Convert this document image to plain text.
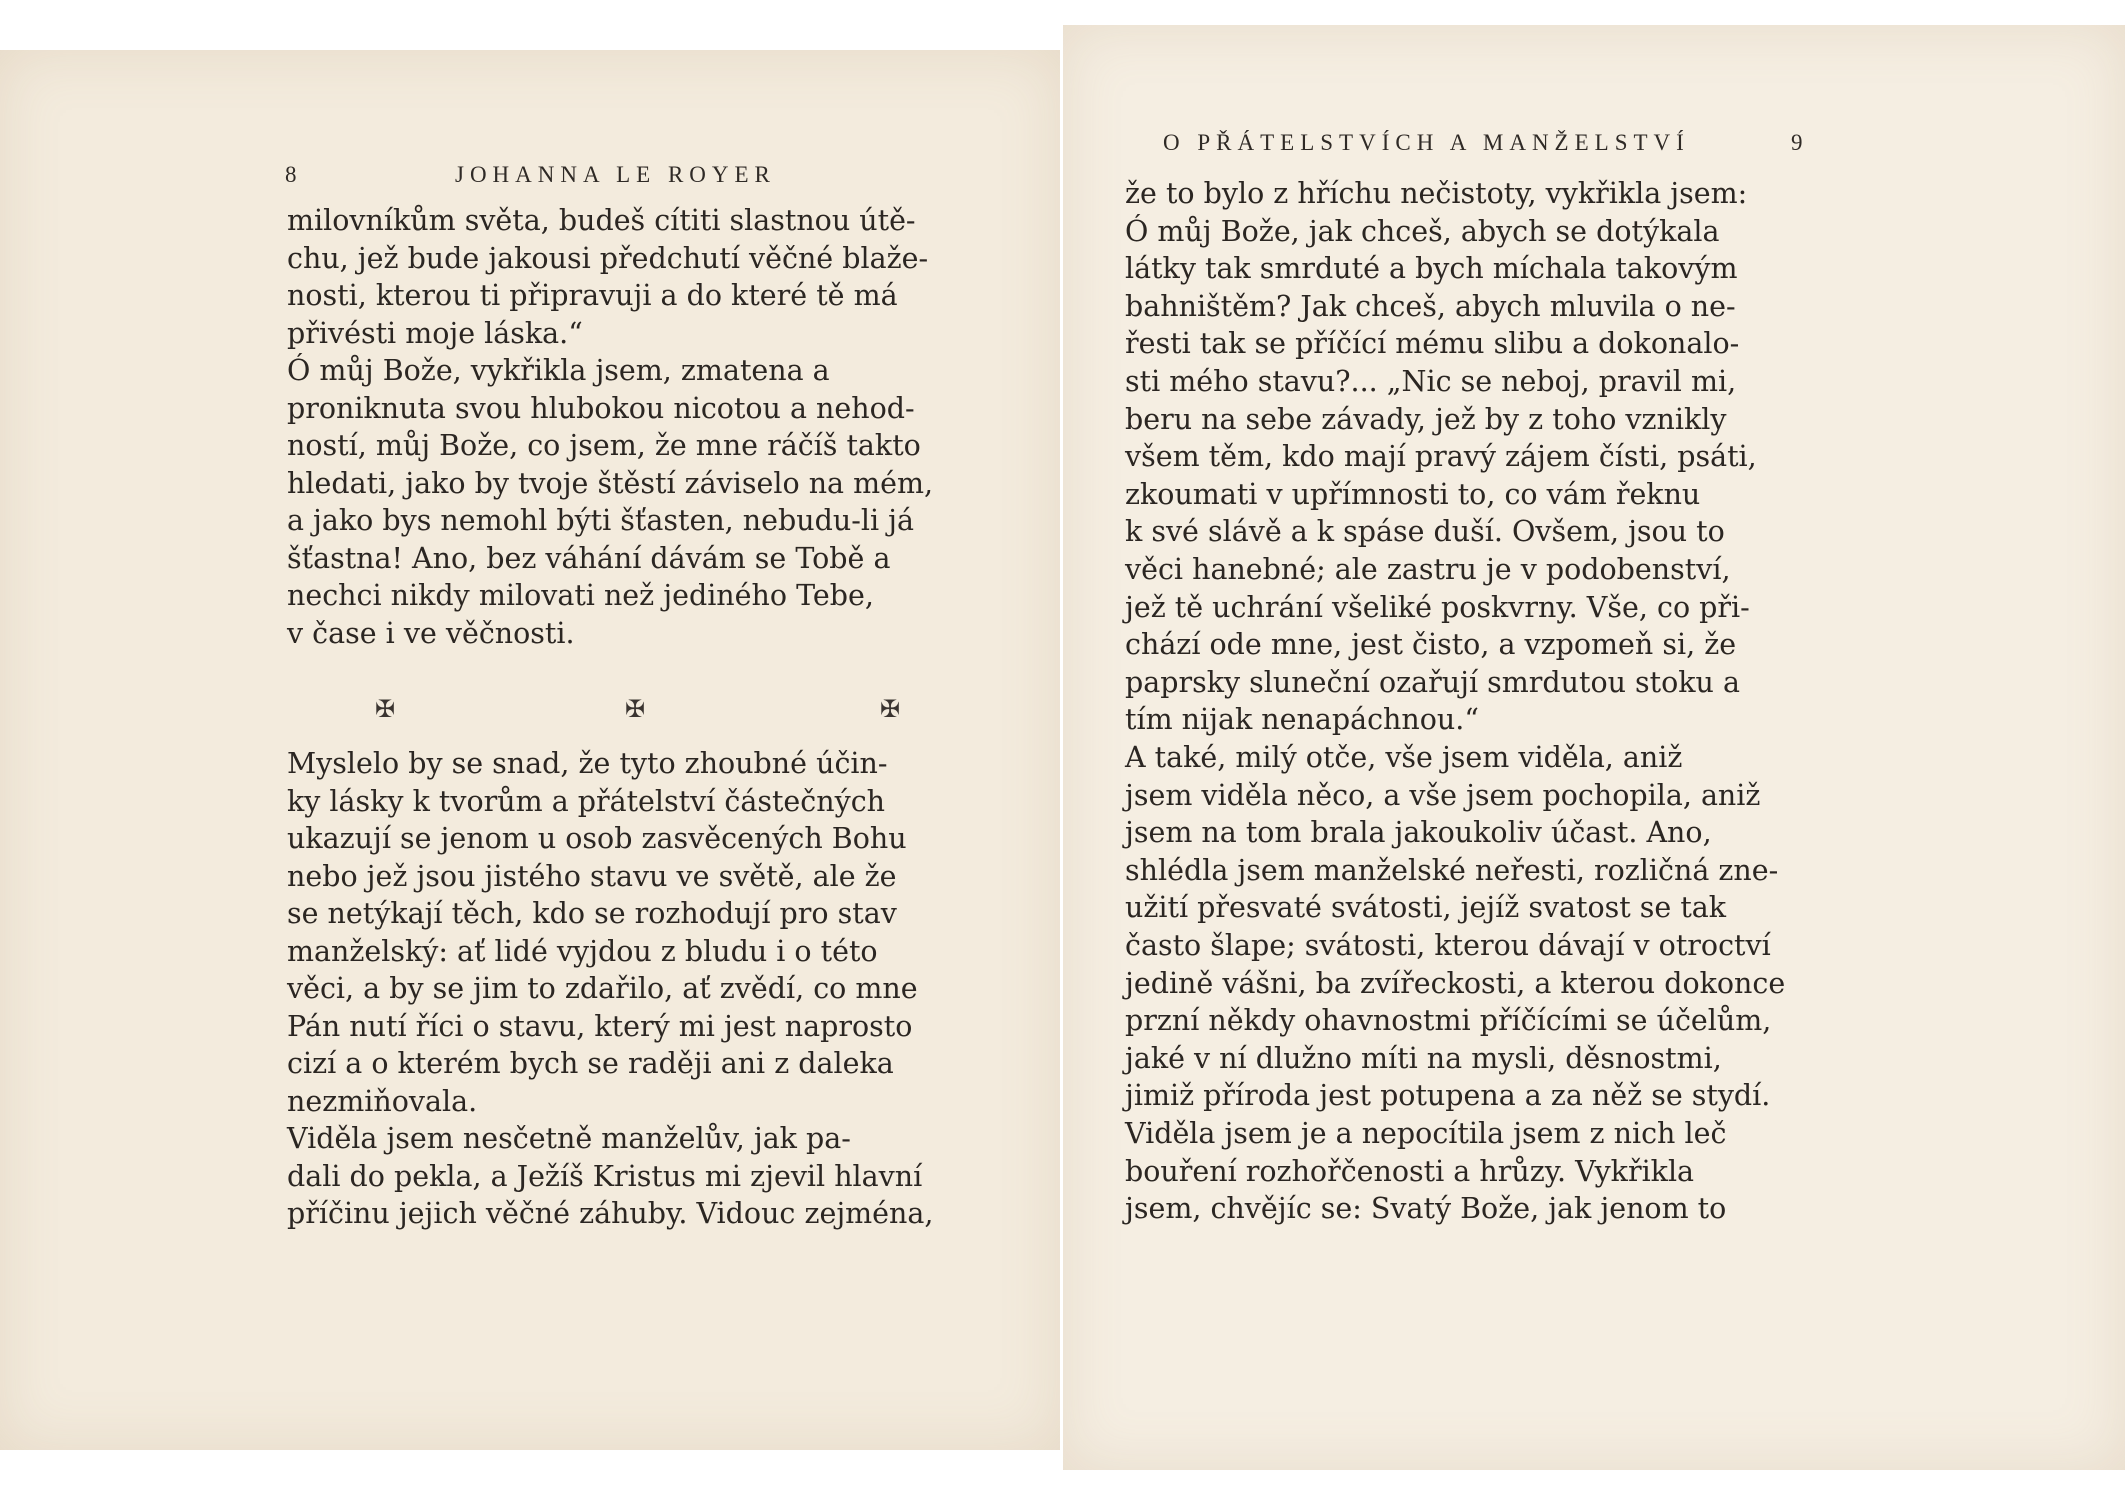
8	JOHANNA LE ROYER
milovníkům světa, budeš cítiti slastnou útě-
chu, jež bude jakousi předchutí věčné blaže-
nosti, kterou ti připravuji a do které tě má
přivésti moje láska.“
Ó můj Bože, vykřikla jsem, zmatena a
proniknuta svou hlubokou nicotou a nehod-
ností, můj Bože, co jsem, že mne ráčíš takto
hledati, jako by tvoje štěstí záviselo na mém,
a jako bys nemohl býti šťasten, nebudu-li já
šťastna! Ano, bez váhání dávám se Tobě a
nechci nikdy milovati než jediného Tebe,
v čase i ve věčnosti.
✠	✠	✠
Myslelo by se snad, že tyto zhoubné účin-
ky lásky k tvorům a přátelství částečných
ukazují se jenom u osob zasvěcených Bohu
nebo jež jsou jistého stavu ve světě, ale že
se netýkají těch, kdo se rozhodují pro stav
manželský: ať lidé vyjdou z bludu i o této
věci, a by se jim to zdařilo, ať zvědí, co mne
Pán nutí říci o stavu, který mi jest naprosto
cizí a o kterém bych se raději ani z daleka
nezmiňovala.
Viděla jsem nesčetně manželův, jak pa-
dali do pekla, a Ježíš Kristus mi zjevil hlavní
příčinu jejich věčné záhuby. Vidouc zejména,
O PŘÁTELSTVÍCH A MANŽELSTVÍ	9
že to bylo z hříchu nečistoty, vykřikla jsem:
Ó můj Bože, jak chceš, abych se dotýkala
látky tak smrduté a bych míchala takovým
bahništěm? Jak chceš, abych mluvila o ne-
řesti tak se příčící mému slibu a dokonalo-
sti mého stavu?... „Nic se neboj, pravil mi,
beru na sebe závady, jež by z toho vznikly
všem těm, kdo mají pravý zájem čísti, psáti,
zkoumati v upřímnosti to, co vám řeknu
k své slávě a k spáse duší. Ovšem, jsou to
věci hanebné; ale zastru je v podobenství,
jež tě uchrání všeliké poskvrny. Vše, co při-
chází ode mne, jest čisto, a vzpomeň si, že
paprsky sluneční ozařují smrdutou stoku a
tím nijak nenapáchnou.“
A také, milý otče, vše jsem viděla, aniž
jsem viděla něco, a vše jsem pochopila, aniž
jsem na tom brala jakoukoliv účast. Ano,
shlédla jsem manželské neřesti, rozličná zne-
užití přesvaté svátosti, jejíž svatost se tak
často šlape; svátosti, kterou dávají v otroctví
jedině vášni, ba zvířeckosti, a kterou dokonce
przní někdy ohavnostmi příčícími se účelům,
jaké v ní dlužno míti na mysli, děsnostmi,
jimiž příroda jest potupena a za něž se stydí.
Viděla jsem je a nepocítila jsem z nich leč
bouření rozhořčenosti a hrůzy. Vykřikla
jsem, chvějíc se: Svatý Bože, jak jenom to
